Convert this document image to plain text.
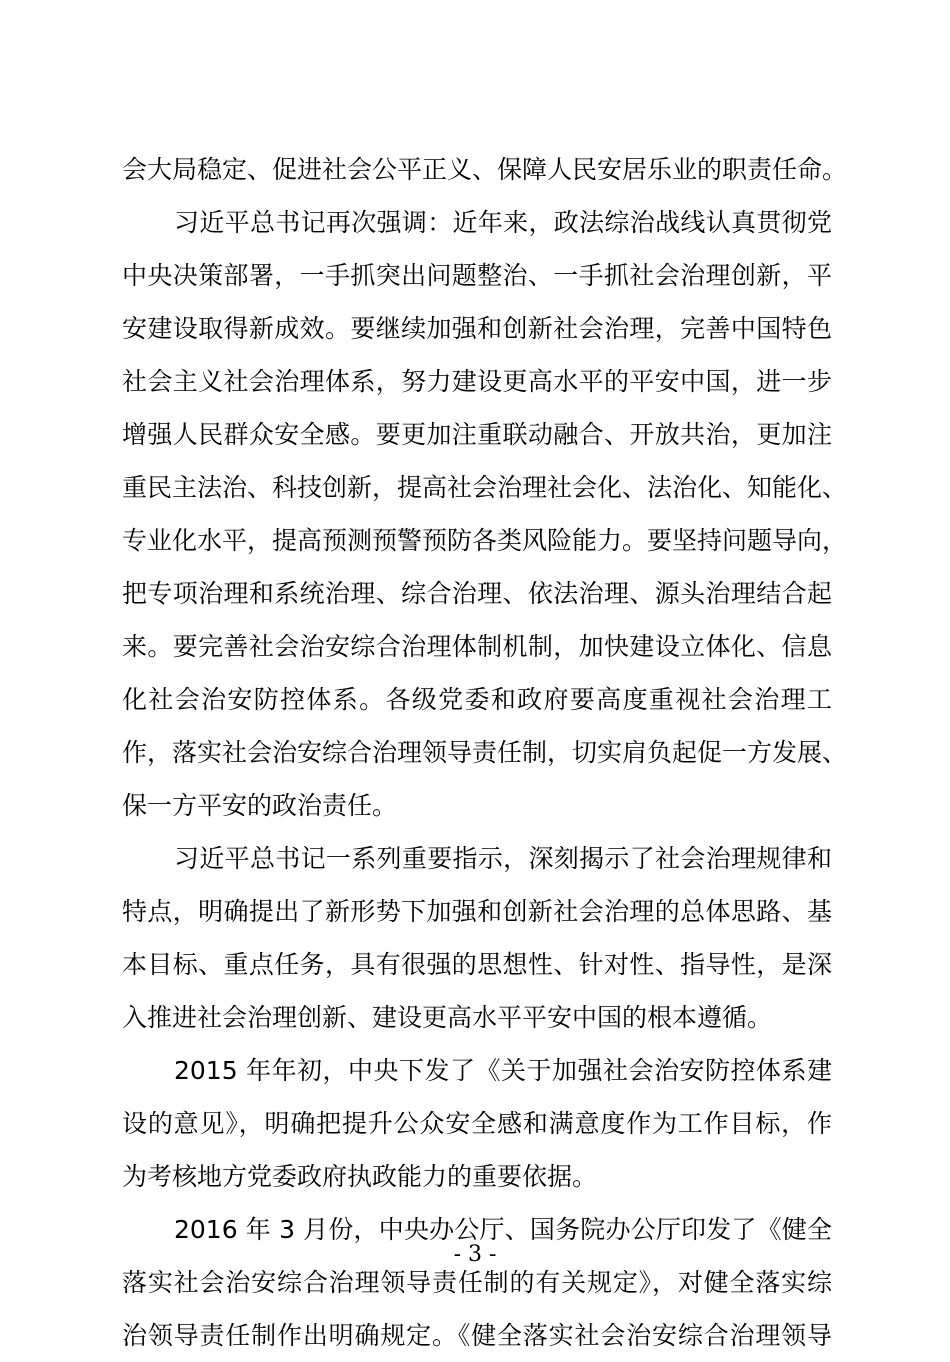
会大局稳定、促进社会公平正义、保障人民安居乐业的职责任命。
习近平总书记再次强调：近年来，政法综治战线认真贯彻党
中央决策部署，一手抓突出问题整治、一手抓社会治理创新，平
安建设取得新成效。要继续加强和创新社会治理，完善中国特色
社会主义社会治理体系，努力建设更高水平的平安中国，进一步
增强人民群众安全感。要更加注重联动融合、开放共治，更加注
重民主法治、科技创新，提高社会治理社会化、法治化、知能化、
专业化水平，提高预测预警预防各类风险能力。要坚持问题导向，
把专项治理和系统治理、综合治理、依法治理、源头治理结合起
来。要完善社会治安综合治理体制机制，加快建设立体化、信息
化社会治安防控体系。各级党委和政府要高度重视社会治理工
作，落实社会治安综合治理领导责任制，切实肩负起促一方发展、
保一方平安的政治责任。
习近平总书记一系列重要指示，深刻揭示了社会治理规律和
特点，明确提出了新形势下加强和创新社会治理的总体思路、基
本目标、重点任务，具有很强的思想性、针对性、指导性，是深
入推进社会治理创新、建设更高水平平安中国的根本遵循。
2015 年年初，中央下发了《关于加强社会治安防控体系建
设的意见》，明确把提升公众安全感和满意度作为工作目标，作
为考核地方党委政府执政能力的重要依据。
2016 年 3 月份，中央办公厅、国务院办公厅印发了《健全
落实社会治安综合治理领导责任制的有关规定》，对健全落实综
治领导责任制作出明确规定。《健全落实社会治安综合治理领导
- 3 -
